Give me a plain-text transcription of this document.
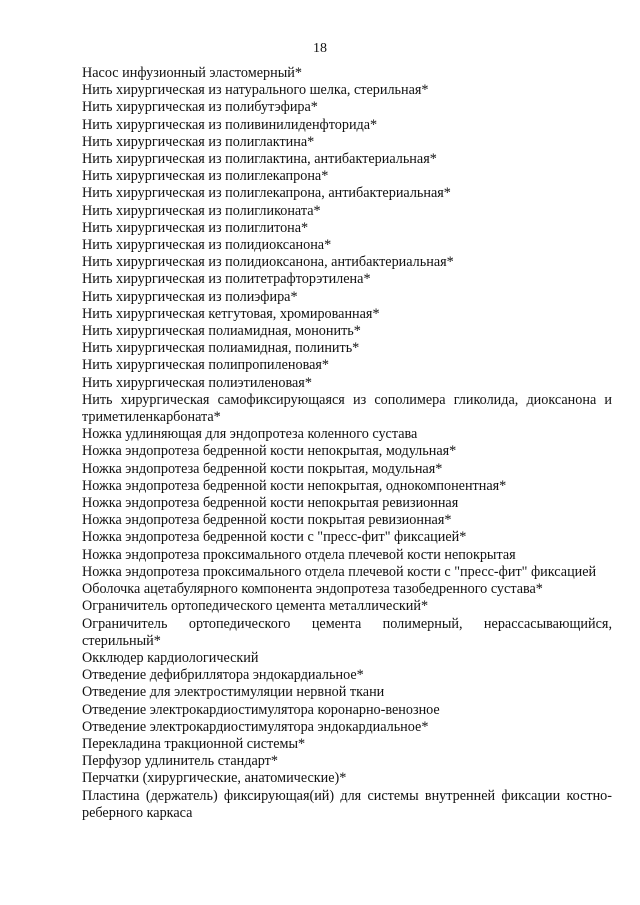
18
Насос инфузионный эластомерный*
Нить хирургическая из натурального шелка, стерильная*
Нить хирургическая из полибутэфира*
Нить хирургическая из поливинилиденфторида*
Нить хирургическая из полиглактина*
Нить хирургическая из полиглактина, антибактериальная*
Нить хирургическая из полиглекапрона*
Нить хирургическая из полиглекапрона, антибактериальная*
Нить хирургическая из полигликоната*
Нить хирургическая из полиглитона*
Нить хирургическая из полидиоксанона*
Нить хирургическая из полидиоксанона, антибактериальная*
Нить хирургическая из политетрафторэтилена*
Нить хирургическая из полиэфира*
Нить хирургическая кетгутовая, хромированная*
Нить хирургическая полиамидная, мононить*
Нить хирургическая полиамидная, полинить*
Нить хирургическая полипропиленовая*
Нить хирургическая полиэтиленовая*
Нить хирургическая самофиксирующаяся из сополимера гликолида, диоксанона и триметиленкарбоната*
Ножка удлиняющая для эндопротеза коленного сустава
Ножка эндопротеза бедренной кости непокрытая, модульная*
Ножка эндопротеза бедренной кости покрытая, модульная*
Ножка эндопротеза бедренной кости непокрытая, однокомпонентная*
Ножка эндопротеза бедренной кости непокрытая ревизионная
Ножка эндопротеза бедренной кости покрытая ревизионная*
Ножка эндопротеза бедренной кости с "пресс-фит" фиксацией*
Ножка эндопротеза проксимального отдела плечевой кости непокрытая
Ножка эндопротеза проксимального отдела плечевой кости с "пресс-фит" фиксацией
Оболочка ацетабулярного компонента эндопротеза тазобедренного сустава*
Ограничитель ортопедического цемента металлический*
Ограничитель ортопедического цемента полимерный, нерассасывающийся, стерильный*
Окклюдер кардиологический
Отведение дефибриллятора эндокардиальное*
Отведение для электростимуляции нервной ткани
Отведение электрокардиостимулятора коронарно-венозное
Отведение электрокардиостимулятора эндокардиальное*
Перекладина тракционной системы*
Перфузор удлинитель стандарт*
Перчатки (хирургические, анатомические)*
Пластина (держатель) фиксирующая(ий) для системы внутренней фиксации костно-реберного каркаса
